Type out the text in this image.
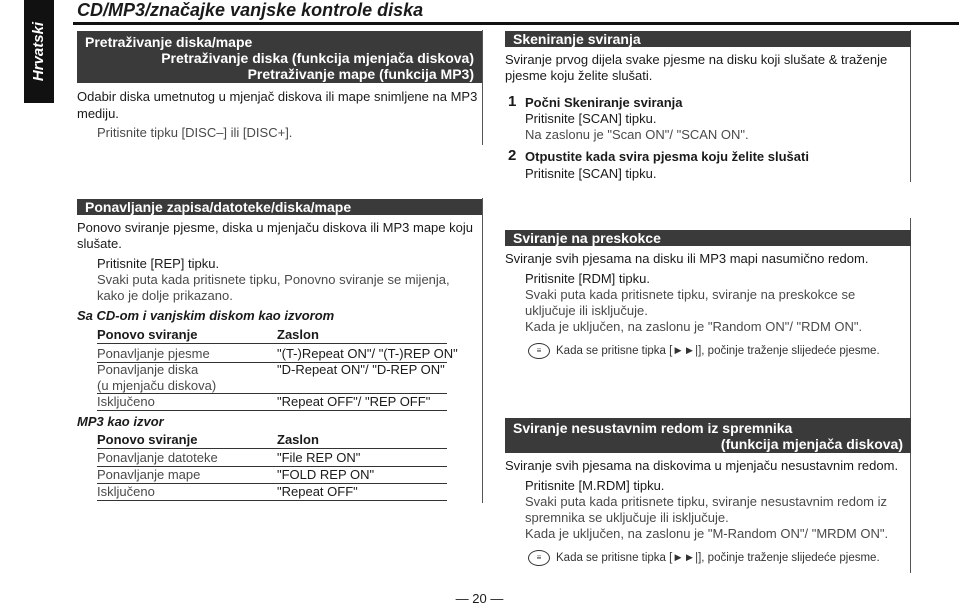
Hrvatski
CD/MP3/značajke vanjske kontrole diska
Pretraživanje diska/mape
Pretraživanje diska (funkcija mjenjača diskova)
Pretraživanje mape (funkcija MP3)
Odabir diska umetnutog u mjenjač diskova ili mape snimljene na MP3
mediju.
Pritisnite tipku [DISC–] ili [DISC+].
Skeniranje sviranja
Sviranje prvog dijela svake pjesme na disku koji slušate & traženje
pjesme koju želite slušati.
1 Počni Skeniranje sviranja
Pritisnite [SCAN] tipku.
Na zaslonu je "Scan ON"/ "SCAN ON".
2 Otpustite kada svira pjesma koju želite slušati
Pritisnite [SCAN] tipku.
Ponavljanje zapisa/datoteke/diska/mape
Ponovo sviranje pjesme, diska u mjenjaču diskova ili MP3 mape koju
slušate.
Pritisnite [REP] tipku.
Svaki puta kada pritisnete tipku, Ponovno sviranje se mijenja,
kako je dolje prikazano.
Sa CD-om i vanjskim diskom kao izvorom
Ponovo sviranje	Zaslon
Ponavljanje pjesme	"(T-)Repeat ON"/ "(T-)REP ON"
Ponavljanje diska
(u mjenjaču diskova)
"D-Repeat ON"/ "D-REP ON"
Isključeno	"Repeat OFF"/ "REP OFF"
MP3 kao izvor
Ponovo sviranje	Zaslon
Ponavljanje datoteke	"File REP ON"
Ponavljanje mape	"FOLD REP ON"
Isključeno	"Repeat OFF"
Sviranje na preskokce
Sviranje svih pjesama na disku ili MP3 mapi nasumično redom.
Pritisnite [RDM] tipku.
Svaki puta kada pritisnete tipku, sviranje na preskokce se
uključuje ili isključuje.
Kada je uključen, na zaslonu je "Random ON"/ "RDM ON".
≡	Kada se pritisne tipka [►►|], počinje traženje slijedeće pjesme.
Sviranje nesustavnim redom iz spremnika
(funkcija mjenjača diskova)
Sviranje svih pjesama na diskovima u mjenjaču nesustavnim redom.
Pritisnite [M.RDM] tipku.
Svaki puta kada pritisnete tipku, sviranje nesustavnim redom iz
spremnika se uključuje ili isključuje.
Kada je uključen, na zaslonu je "M-Random ON"/ "MRDM ON".
≡	Kada se pritisne tipka [►►|], počinje traženje slijedeće pjesme.
— 20 —
